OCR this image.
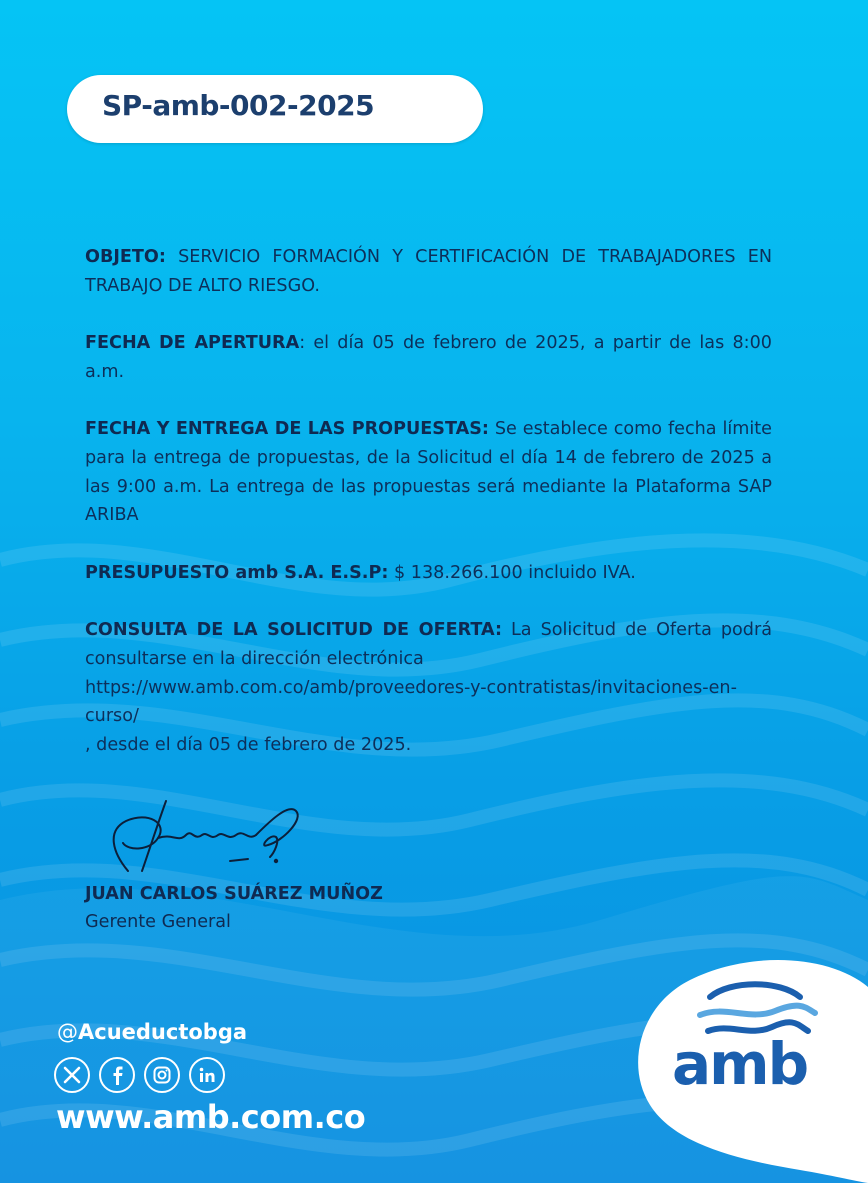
SP-amb-002-2025

OBJETO: SERVICIO FORMACIÓN Y CERTIFICACIÓN DE TRABAJADORES EN TRABAJO DE ALTO RIESGO.

FECHA DE APERTURA: el día 05 de febrero de 2025, a partir de las 8:00 a.m.

FECHA Y ENTREGA DE LAS PROPUESTAS: Se establece como fecha límite para la entrega de propuestas, de la Solicitud el día 14 de febrero de 2025 a las 9:00 a.m. La entrega de las propuestas será mediante la Plataforma SAP ARIBA

PRESUPUESTO amb S.A. E.S.P: $ 138.266.100 incluido IVA.

CONSULTA DE LA SOLICITUD DE OFERTA: La Solicitud de Oferta podrá consultarse en la dirección electrónica
https://www.amb.com.co/amb/proveedores-y-contratistas/invitaciones-en-curso/
, desde el día 05 de febrero de 2025.

JUAN CARLOS SUÁREZ MUÑOZ
Gerente General
@Acueductobga
www.amb.com.co
amb
